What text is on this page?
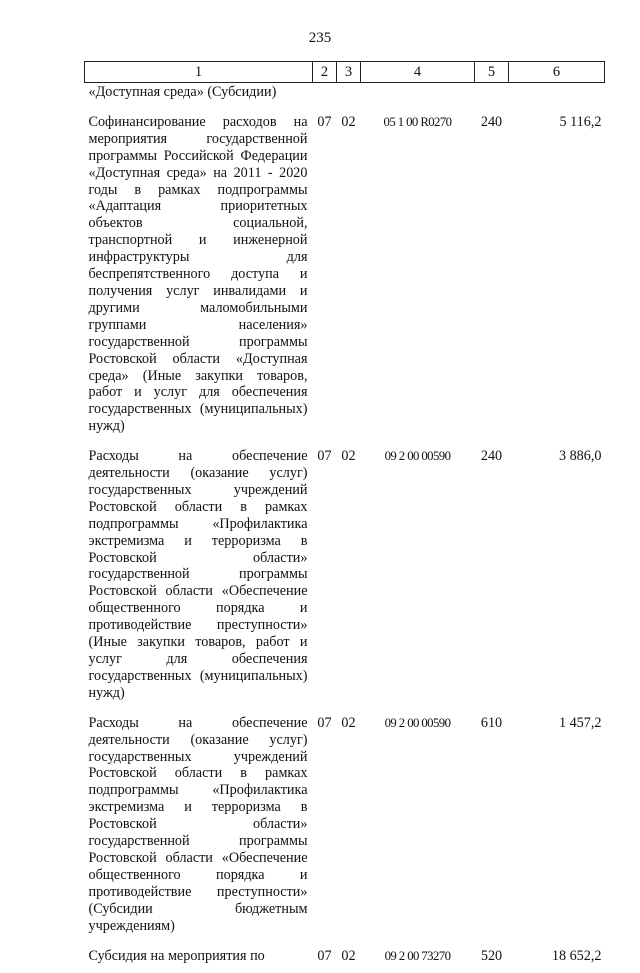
235
1	2	3	4	5	6
«Доступная среда» (Субсидии)					
Софинансирование расходов на мероприятия государственной программы Российской Федерации «Доступная среда» на 2011 - 2020 годы в рамках подпрограммы «Адаптация приоритетных объектов социальной, транспортной и инженерной инфраструктуры для беспрепятственного доступа и получения услуг инвалидами и другими маломобильными группами населения» государственной программы Ростовской области «Доступная среда» (Иные закупки товаров, работ и услуг для обеспечения государственных (муниципальных) нужд)	07	02	05 1 00 R0270	240	5 116,2
Расходы на обеспечение деятельности (оказание услуг) государственных учреждений Ростовской области в рамках подпрограммы «Профилактика экстремизма и терроризма в Ростовской области» государственной программы Ростовской области «Обеспечение общественного порядка и противодействие преступности» (Иные закупки товаров, работ и услуг для обеспечения государственных (муниципальных) нужд)	07	02	09 2 00 00590	240	3 886,0
Расходы на обеспечение деятельности (оказание услуг) государственных учреждений Ростовской области в рамках подпрограммы «Профилактика экстремизма и терроризма в Ростовской области» государственной программы Ростовской области «Обеспечение общественного порядка и противодействие преступности» (Субсидии бюджетным учреждениям)	07	02	09 2 00 00590	610	1 457,2
Субсидия на мероприятия по	07	02	09 2 00 73270	520	18 652,2
